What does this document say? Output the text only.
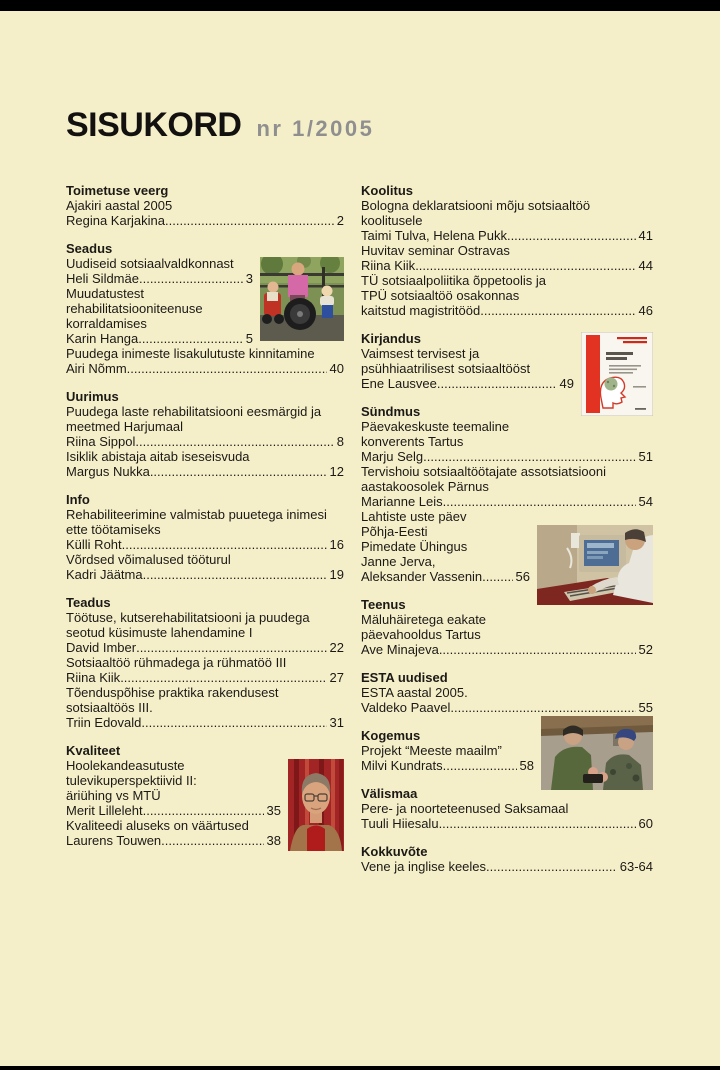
SISUKORD nr 1/2005
Toimetuse veerg
Ajakiri aastal 2005
Regina Karjakina .....	2
Seadus
Uudiseid sotsiaalvaldkonnast
Heli Sildmäe .....	3
Muudatustest
rehabilitatsiooniteenuse
korraldamises
Karin Hanga .....	5
Puudega inimeste lisakulutuste kinnitamine
Airi Nõmm .....	40
Uurimus
Puudega laste rehabilitatsiooni eesmärgid ja
meetmed Harjumaal
Riina Sippol .....	8
Isiklik abistaja aitab iseseisvuda
Margus Nukka .....	12
Info
Rehabiliteerimine valmistab puuetega inimesi
ette töötamiseks
Külli Roht .....	16
Võrdsed võimalused tööturul
Kadri Jäätma .....	19
Teadus
Töötuse, kutserehabilitatsiooni ja puudega
seotud küsimuste lahendamine I
David Imber .....	22
Sotsiaaltöö rühmadega ja rühmatöö III
Riina Kiik .....	27
Tõenduspõhise praktika rakendusest
sotsiaaltöös III.
Triin Edovald .....	31
Kvaliteet
Hoolekandeasutuste
tulevikuperspektiivid II:
äriühing vs MTÜ
Merit Lilleleht .....	35
Kvaliteedi aluseks on väärtused
Laurens Touwen .....	38
Koolitus
Bologna deklaratsiooni mõju sotsiaaltöö
koolitusele
Taimi Tulva, Helena Pukk .....	41
Huvitav seminar Ostravas
Riina Kiik .....	44
TÜ sotsiaalpoliitika õppetoolis ja
TPÜ sotsiaaltöö osakonnas
kaitstud magistritööd .....	46
Kirjandus
Vaimsest tervisest ja
psühhiaatrilisest sotsiaaltööst
Ene Lausvee .....	49
Sündmus
Päevakeskuste teemaline konverents Tartus
Marju Selg .....	51
Tervishoiu sotsiaaltöötajate assotsiatsiooni
aastakoosolek Pärnus
Marianne Leis .....	54
Lahtiste uste päev
Põhja-Eesti
Pimedate Ühingus
Janne Jerva,
Aleksander Vassenin .....	56
Teenus
Mäluhäiretega eakate
päevahooldus Tartus
Ave Minajeva .....	52
ESTA uudised
ESTA aastal 2005.
Valdeko Paavel .....	55
Kogemus
Projekt “Meeste maailm”
Milvi Kundrats .....	58
Välismaa
Pere- ja noorteteenused Saksamaal
Tuuli Hiiesalu .....	60
Kokkuvõte
Vene ja inglise keeles .....	63-64
